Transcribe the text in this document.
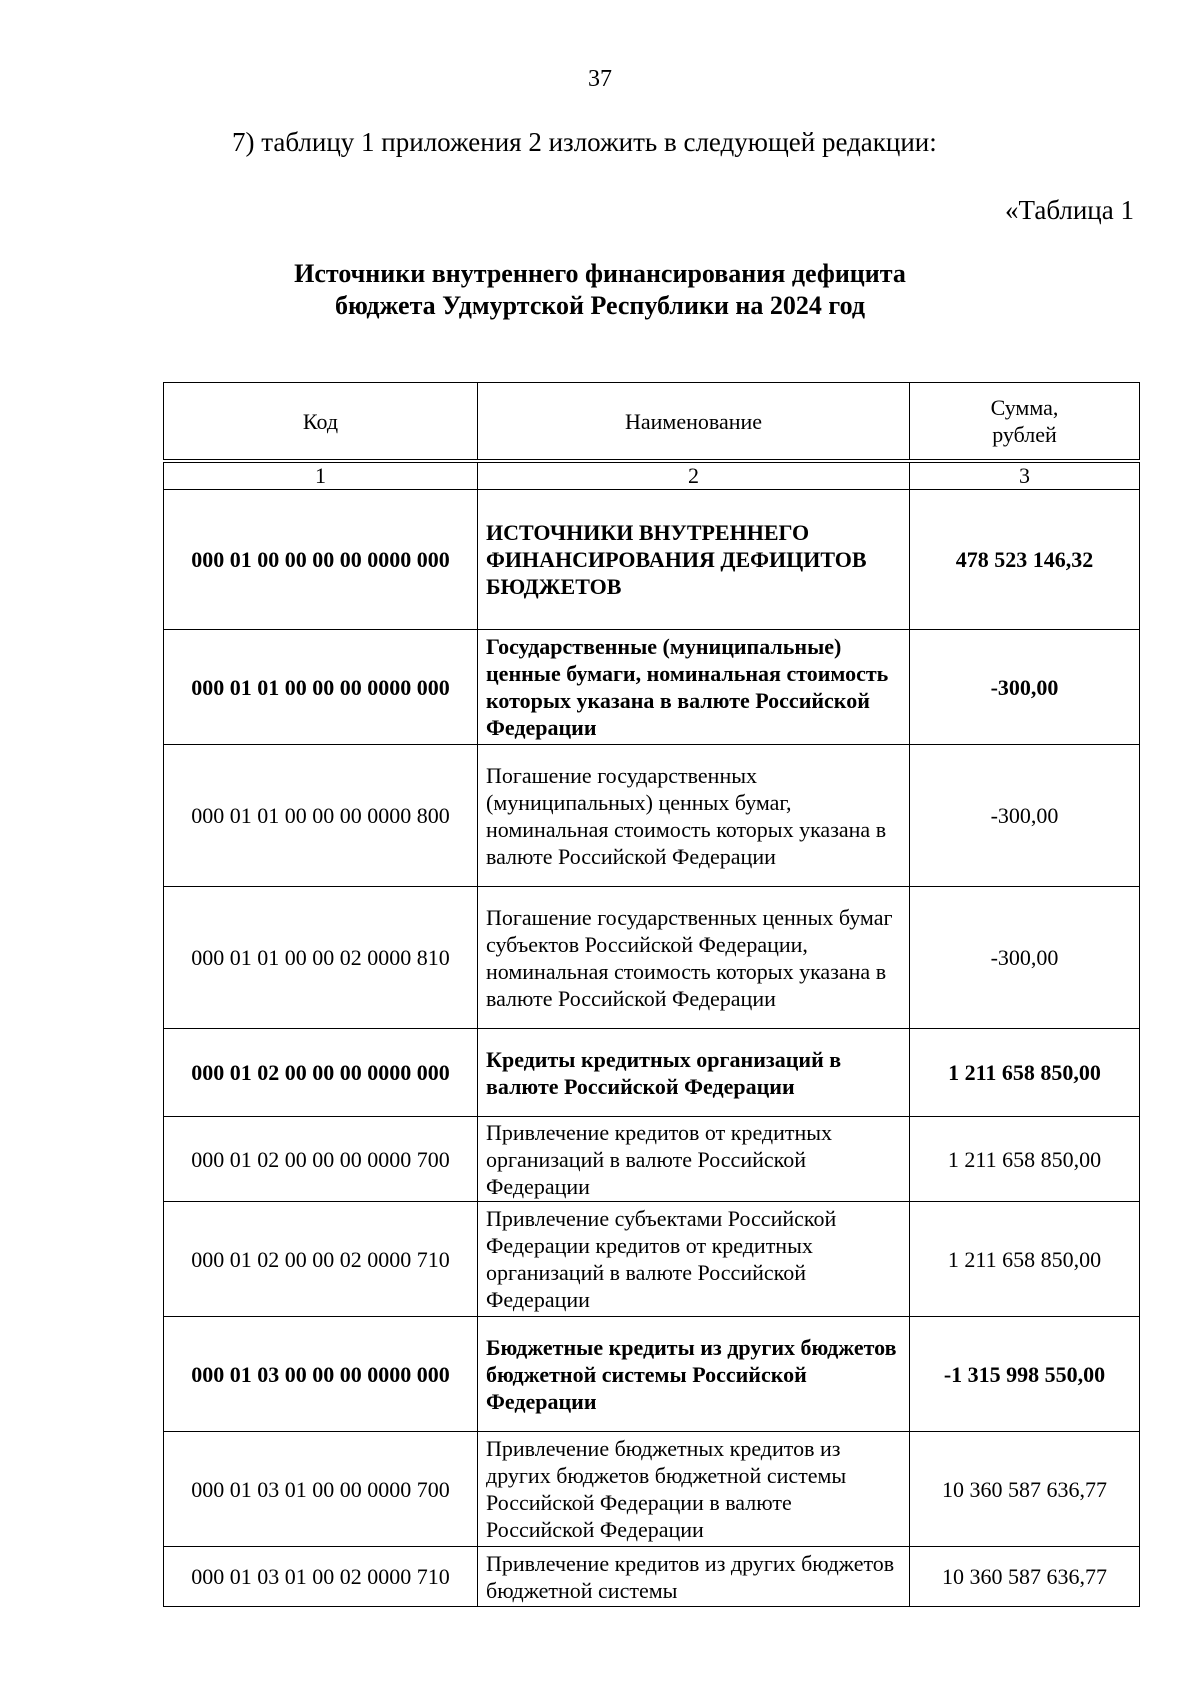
37
7) таблицу 1 приложения 2 изложить в следующей редакции:
«Таблица 1
Источники внутреннего финансирования дефицита
бюджета Удмуртской Республики на 2024 год
Код	Наименование	Сумма,
рублей

1	2	3
000 01 00 00 00 00 0000 000	ИСТОЧНИКИ ВНУТРЕННЕГО ФИНАНСИРОВАНИЯ ДЕФИЦИТОВ БЮДЖЕТОВ	478 523 146,32
000 01 01 00 00 00 0000 000	Государственные (муниципальные) ценные бумаги, номинальная стоимость которых указана в валюте Российской Федерации	-300,00
000 01 01 00 00 00 0000 800	Погашение государственных (муниципальных) ценных бумаг, номинальная стоимость которых указана в валюте Российской Федерации	-300,00
000 01 01 00 00 02 0000 810	Погашение государственных ценных бумаг субъектов Российской Федерации, номинальная стоимость которых указана в валюте Российской Федерации	-300,00
000 01 02 00 00 00 0000 000	Кредиты кредитных организаций в валюте Российской Федерации	1 211 658 850,00
000 01 02 00 00 00 0000 700	Привлечение кредитов от кредитных организаций в валюте Российской Федерации	1 211 658 850,00
000 01 02 00 00 02 0000 710	Привлечение субъектами Российской Федерации кредитов от кредитных организаций в валюте Российской Федерации	1 211 658 850,00
000 01 03 00 00 00 0000 000	Бюджетные кредиты из других бюджетов бюджетной системы Российской Федерации	-1 315 998 550,00
000 01 03 01 00 00 0000 700	Привлечение бюджетных кредитов из других бюджетов бюджетной системы Российской Федерации в валюте Российской Федерации	10 360 587 636,77
000 01 03 01 00 02 0000 710	Привлечение кредитов из других бюджетов бюджетной системы	10 360 587 636,77
